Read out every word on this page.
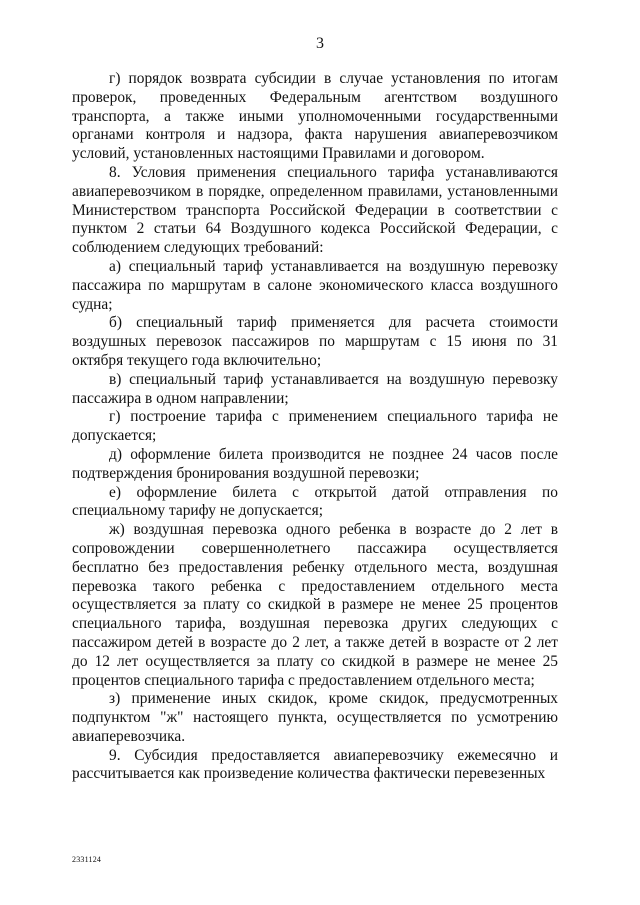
3

г) порядок возврата субсидии в случае установления по итогам проверок, проведенных Федеральным агентством воздушного транспорта, а также иными уполномоченными государственными органами контроля и надзора, факта нарушения авиаперевозчиком условий, установленных настоящими Правилами и договором.

8. Условия применения специального тарифа устанавливаются авиаперевозчиком в порядке, определенном правилами, установленными Министерством транспорта Российской Федерации в соответствии с пунктом 2 статьи 64 Воздушного кодекса Российской Федерации, с соблюдением следующих требований:

а) специальный тариф устанавливается на воздушную перевозку пассажира по маршрутам в салоне экономического класса воздушного судна;

б) специальный тариф применяется для расчета стоимости воздушных перевозок пассажиров по маршрутам с 15 июня по 31 октября текущего года включительно;

в) специальный тариф устанавливается на воздушную перевозку пассажира в одном направлении;

г) построение тарифа с применением специального тарифа не допускается;

д) оформление билета производится не позднее 24 часов после подтверждения бронирования воздушной перевозки;

е) оформление билета с открытой датой отправления по специальному тарифу не допускается;

ж) воздушная перевозка одного ребенка в возрасте до 2 лет в сопровождении совершеннолетнего пассажира осуществляется бесплатно без предоставления ребенку отдельного места, воздушная перевозка такого ребенка с предоставлением отдельного места осуществляется за плату со скидкой в размере не менее 25 процентов специального тарифа, воздушная перевозка других следующих с пассажиром детей в возрасте до 2 лет, а также детей в возрасте от 2 лет до 12 лет осуществляется за плату со скидкой в размере не менее 25 процентов специального тарифа с предоставлением отдельного места;

з) применение иных скидок, кроме скидок, предусмотренных подпунктом "ж" настоящего пункта, осуществляется по усмотрению авиаперевозчика.

9. Субсидия предоставляется авиаперевозчику ежемесячно и рассчитывается как произведение количества фактически перевезенных

2331124
